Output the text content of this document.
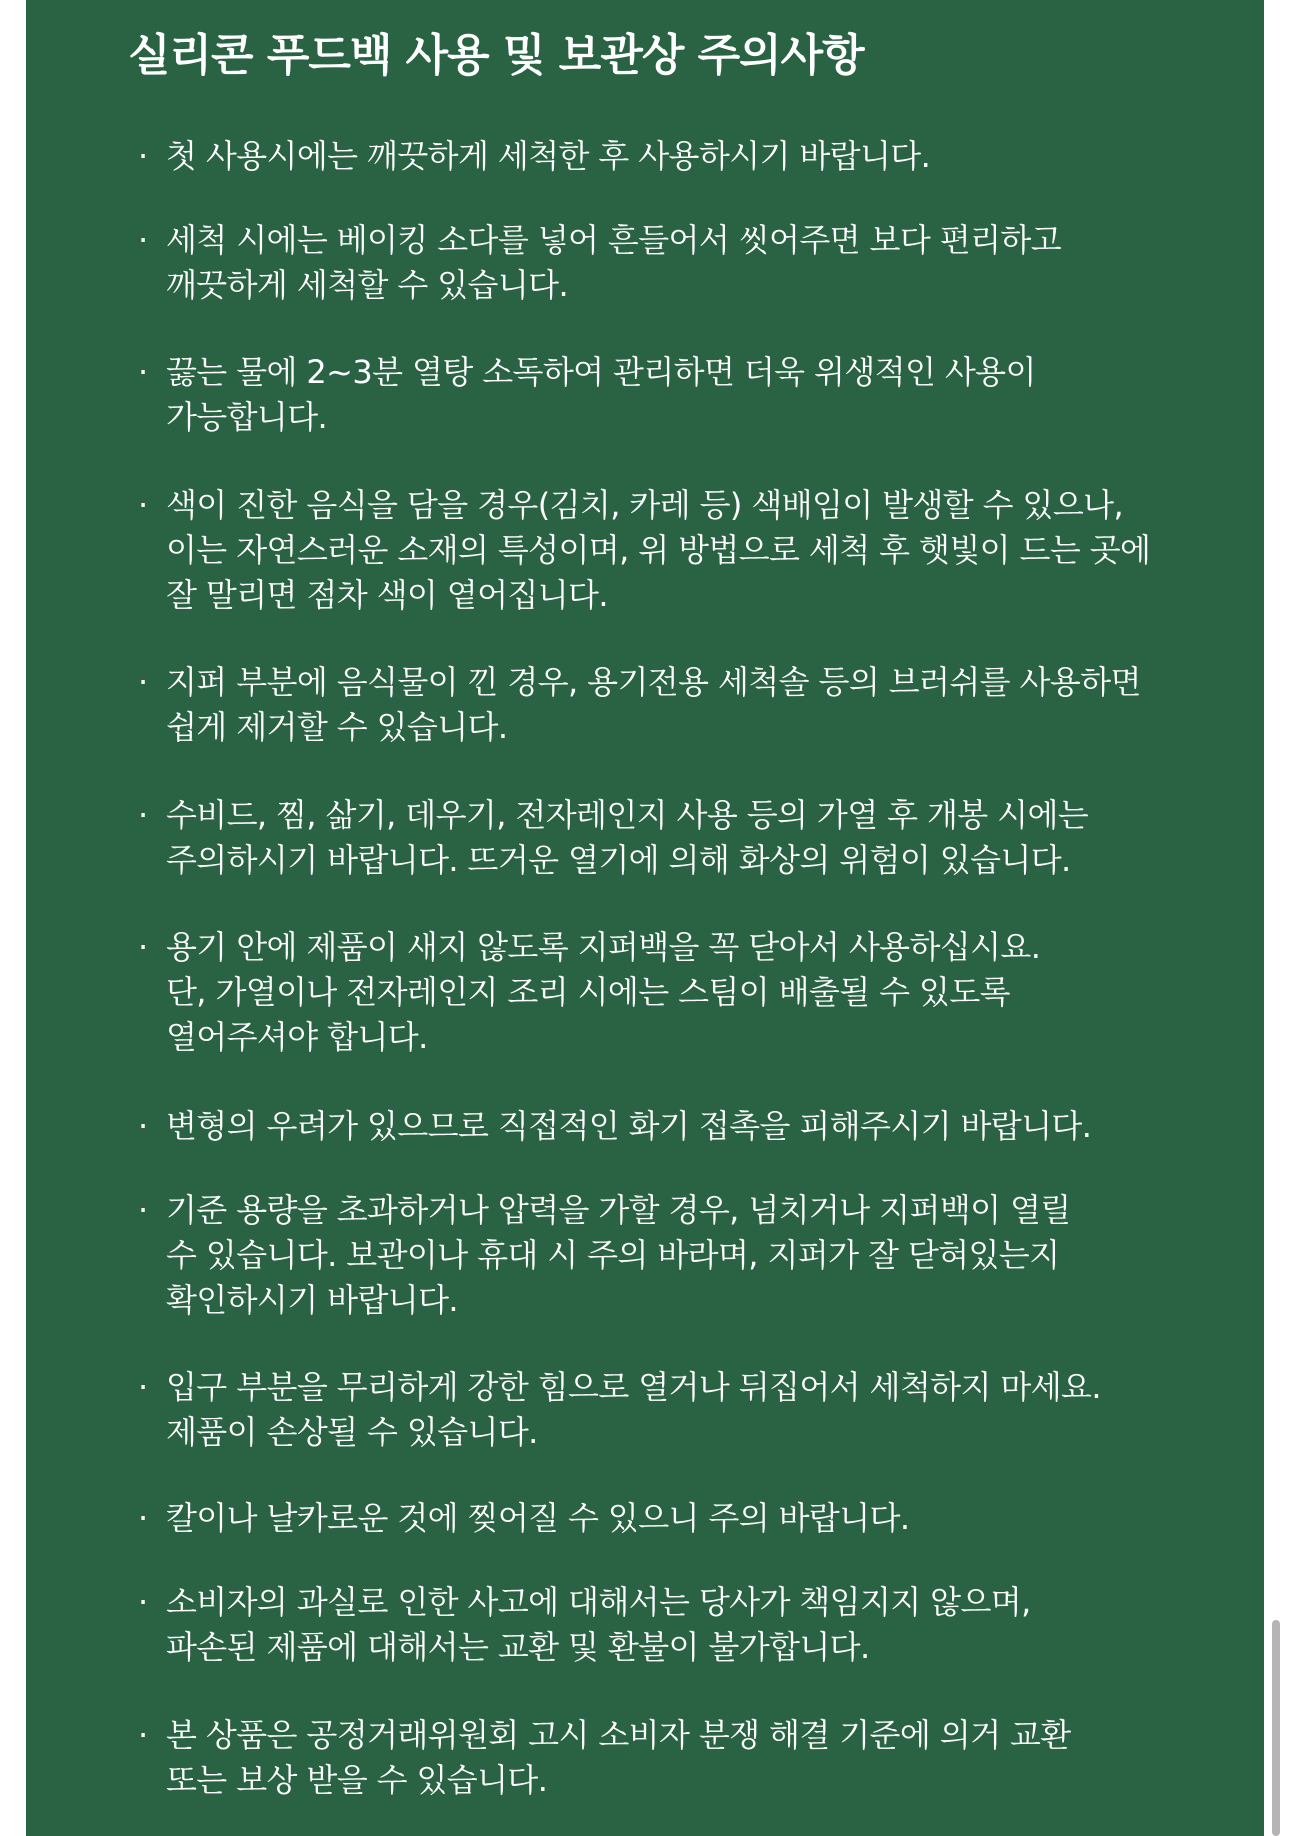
실리콘 푸드백 사용 및 보관상 주의사항
· 첫 사용시에는 깨끗하게 세척한 후 사용하시기 바랍니다.
· 세척 시에는 베이킹 소다를 넣어 흔들어서 씻어주면 보다 편리하고
깨끗하게 세척할 수 있습니다.
· 끓는 물에 2~3분 열탕 소독하여 관리하면 더욱 위생적인 사용이
가능합니다.
· 색이 진한 음식을 담을 경우(김치, 카레 등) 색배임이 발생할 수 있으나,
이는 자연스러운 소재의 특성이며, 위 방법으로 세척 후 햇빛이 드는 곳에
잘 말리면 점차 색이 옅어집니다.
· 지퍼 부분에 음식물이 낀 경우, 용기전용 세척솔 등의 브러쉬를 사용하면
쉽게 제거할 수 있습니다.
· 수비드, 찜, 삶기, 데우기, 전자레인지 사용 등의 가열 후 개봉 시에는
주의하시기 바랍니다. 뜨거운 열기에 의해 화상의 위험이 있습니다.
· 용기 안에 제품이 새지 않도록 지퍼백을 꼭 닫아서 사용하십시요.
단, 가열이나 전자레인지 조리 시에는 스팀이 배출될 수 있도록
열어주셔야 합니다.
· 변형의 우려가 있으므로 직접적인 화기 접촉을 피해주시기 바랍니다.
· 기준 용량을 초과하거나 압력을 가할 경우, 넘치거나 지퍼백이 열릴
수 있습니다. 보관이나 휴대 시 주의 바라며, 지퍼가 잘 닫혀있는지
확인하시기 바랍니다.
· 입구 부분을 무리하게 강한 힘으로 열거나 뒤집어서 세척하지 마세요.
제품이 손상될 수 있습니다.
· 칼이나 날카로운 것에 찢어질 수 있으니 주의 바랍니다.
· 소비자의 과실로 인한 사고에 대해서는 당사가 책임지지 않으며,
파손된 제품에 대해서는 교환 및 환불이 불가합니다.
· 본 상품은 공정거래위원회 고시 소비자 분쟁 해결 기준에 의거 교환
또는 보상 받을 수 있습니다.
